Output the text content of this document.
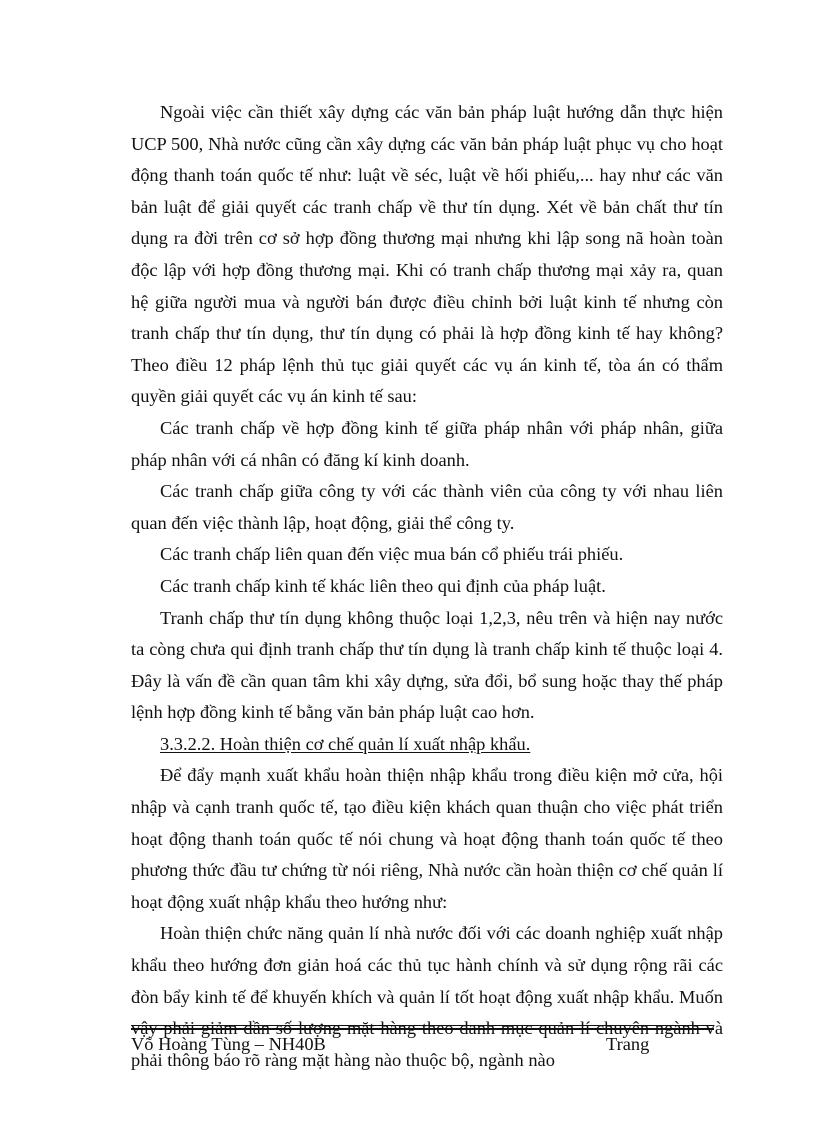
Ngoài việc cần thiết xây dựng các văn bản pháp luật hướng dẫn thực hiện UCP 500, Nhà nước cũng cần xây dựng các văn bản pháp luật phục vụ cho hoạt động thanh toán quốc tế như: luật về séc, luật về hối phiếu,... hay như các văn bản luật để giải quyết các tranh chấp về thư tín dụng. Xét về bản chất thư tín dụng ra đời trên cơ sở hợp đồng thương mại nhưng khi lập song nã hoàn toàn độc lập với hợp đồng thương mại. Khi có tranh chấp thương mại xảy ra, quan hệ giữa người mua và người bán được điều chỉnh bởi luật kinh tế nhưng còn tranh chấp thư tín dụng, thư tín dụng có phải là hợp đồng kinh tế hay không? Theo điều 12 pháp lệnh thủ tục giải quyết các vụ án kinh tế, tòa án có thẩm quyền giải quyết các vụ án kinh tế sau:

Các tranh chấp về hợp đồng kinh tế giữa pháp nhân với pháp nhân, giữa pháp nhân với cá nhân có đăng kí kinh doanh.

Các tranh chấp giữa công ty với các thành viên của công ty với nhau liên quan đến việc thành lập, hoạt động, giải thể công ty.

Các tranh chấp liên quan đến việc mua bán cổ phiếu trái phiếu.

Các tranh chấp kinh tế khác liên theo qui định của pháp luật.

Tranh chấp thư tín dụng không thuộc loại 1,2,3, nêu trên và hiện nay nước ta còng chưa qui định tranh chấp thư tín dụng là tranh chấp kinh tế thuộc loại 4. Đây là vấn đề cần quan tâm khi xây dựng, sửa đổi, bổ sung hoặc thay thế pháp lệnh hợp đồng kinh tế bằng văn bản pháp luật cao hơn.

3.3.2.2. Hoàn thiện cơ chế quản lí xuất nhập khẩu.

Để đẩy mạnh xuất khẩu hoàn thiện nhập khẩu trong điều kiện mở cửa, hội nhập và cạnh tranh quốc tế, tạo điều kiện khách quan thuận cho việc phát triển hoạt động thanh toán quốc tế nói chung và hoạt động thanh toán quốc tế theo phương thức đầu tư chứng từ nói riêng, Nhà nước cần hoàn thiện cơ chế quản lí hoạt động xuất nhập khẩu theo hướng như:

Hoàn thiện chức năng quản lí nhà nước đối với các doanh nghiệp xuất nhập khẩu theo hướng đơn giản hoá các thủ tục hành chính và sử dụng rộng rãi các đòn bẩy kinh tế để khuyến khích và quản lí tốt hoạt động xuất nhập khẩu. Muốn vậy phải giảm dần số lượng mặt hàng theo danh mục quản lí chuyên ngành và phải thông báo rõ ràng mặt hàng nào thuộc bộ, ngành nào

Võ Hoàng Tùng – NH40B	Trang
